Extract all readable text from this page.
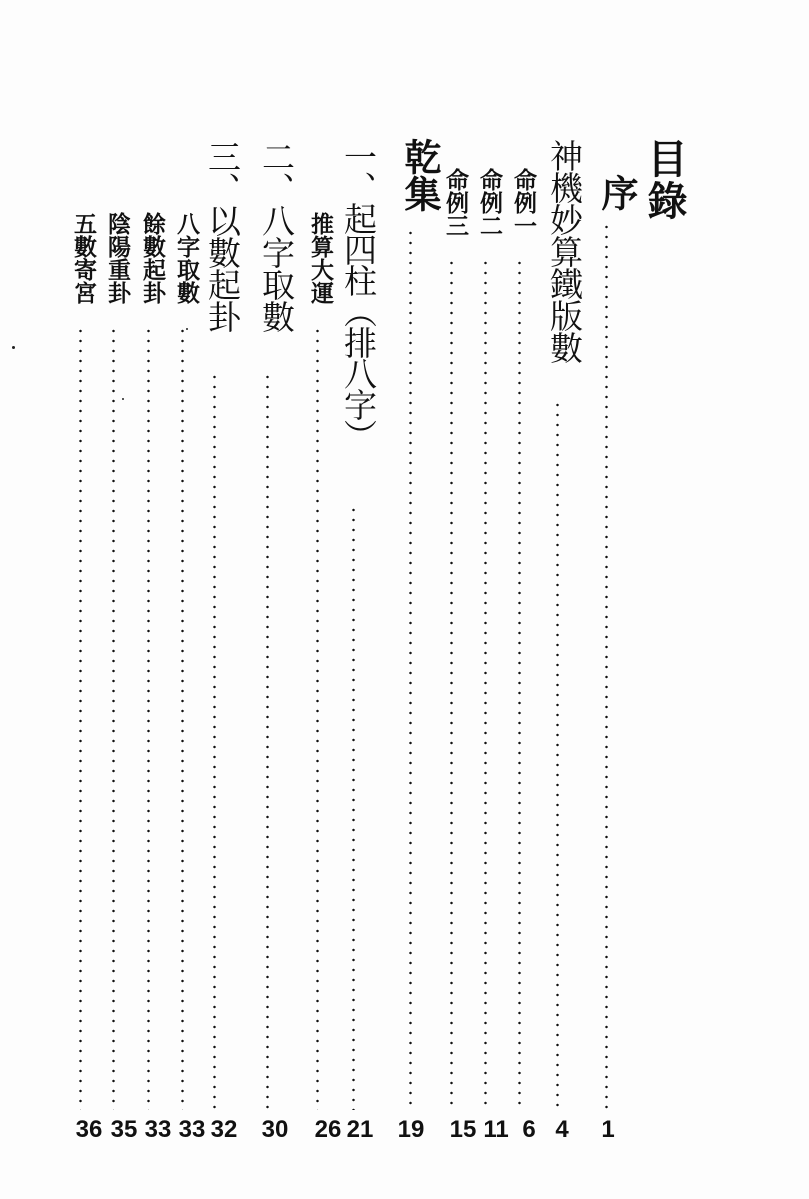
目錄
序
1
神機妙算鐵版數
4
命例一
6
命例二
11
命例三
15
乾集
19
一、起四柱︵排八字︶
21
推算大運
26
二、八字取數
30
三、以數起卦
32
八字取數
33
餘數起卦
33
陰陽重卦
35
五數寄宮
36
